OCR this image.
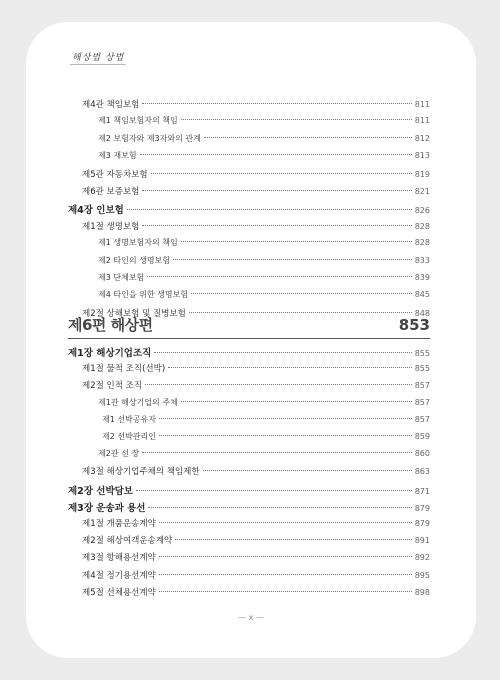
해상법 상법
제4관 책임보험	811
제1 책임보험자의 책임	811
제2 보험자와 제3자와의 관계	812
제3 재보험	813
제5관 자동차보험	819
제6관 보증보험	821
제4장 인보험	826
제1절 생명보험	828
제1 생명보험자의 책임	828
제2 타인의 생명보험	833
제3 단체보험	839
제4 타인을 위한 생명보험	845
제2절 상해보험 및 질병보험	848
제6편 해상편	853
제1장 해상기업조직	855
제1절 물적 조직(선박)	855
제2절 인적 조직	857
제1관 해상기업의 주체	857
제1 선박공유자	857
제2 선박관리인	859
제2관 선 장	860
제3절 해상기업주체의 책임제한	863
제2장 선박담보	871
제3장 운송과 용선	879
제1절 개품운송계약	879
제2절 해상여객운송계약	891
제3절 항해용선계약	892
제4절 정기용선계약	895
제5절 선체용선계약	898
— x —
